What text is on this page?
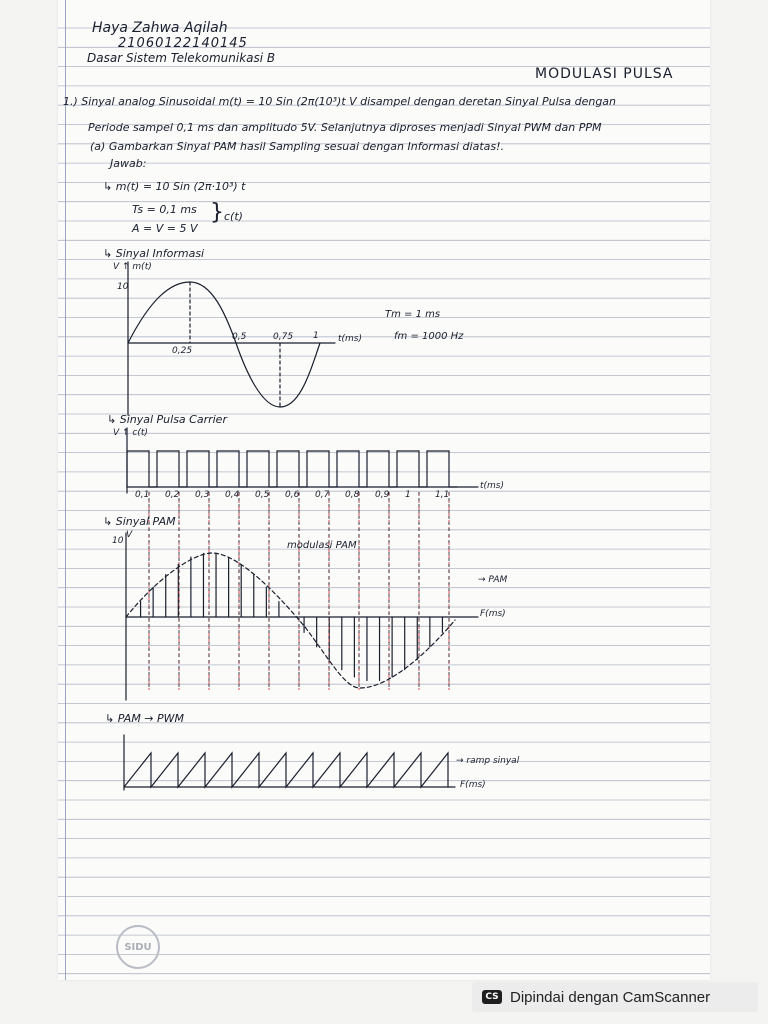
Haya Zahwa Aqilah
21060122140145
Dasar Sistem Telekomunikasi B
MODULASI PULSA
1.) Sinyal analog Sinusoidal m(t) = 10 Sin (2π(10³)t V disampel dengan deretan Sinyal Pulsa dengan
Periode sampel 0,1 ms dan amplitudo 5V. Selanjutnya diproses menjadi Sinyal PWM dan PPM
(a) Gambarkan Sinyal PAM hasil Sampling sesuai dengan Informasi diatas!.
Jawab:
↳ m(t) = 10 Sin (2π·10³) t
Ts = 0,1 ms
A = V = 5 V
} c(t)
↳ Sinyal Informasi
↳ Sinyal Pulsa Carrier
↳ Sinyal PAM
↳ PAM → PWM
V ↑ m(t)
10
0,25
0,5	0,75 1 t(ms)
Tm = 1 ms
fm = 1000 Hz
V ↑ c(t)
t(ms)
0,1 0,2 0,3 0,4 0,5 0,6 0,7 0,8 0,9 1	1,1
10
V
modulasi PAM
→ PAM
F(ms)
→ ramp sinyal
F(ms)
SIDU
CS Dipindai dengan CamScanner
